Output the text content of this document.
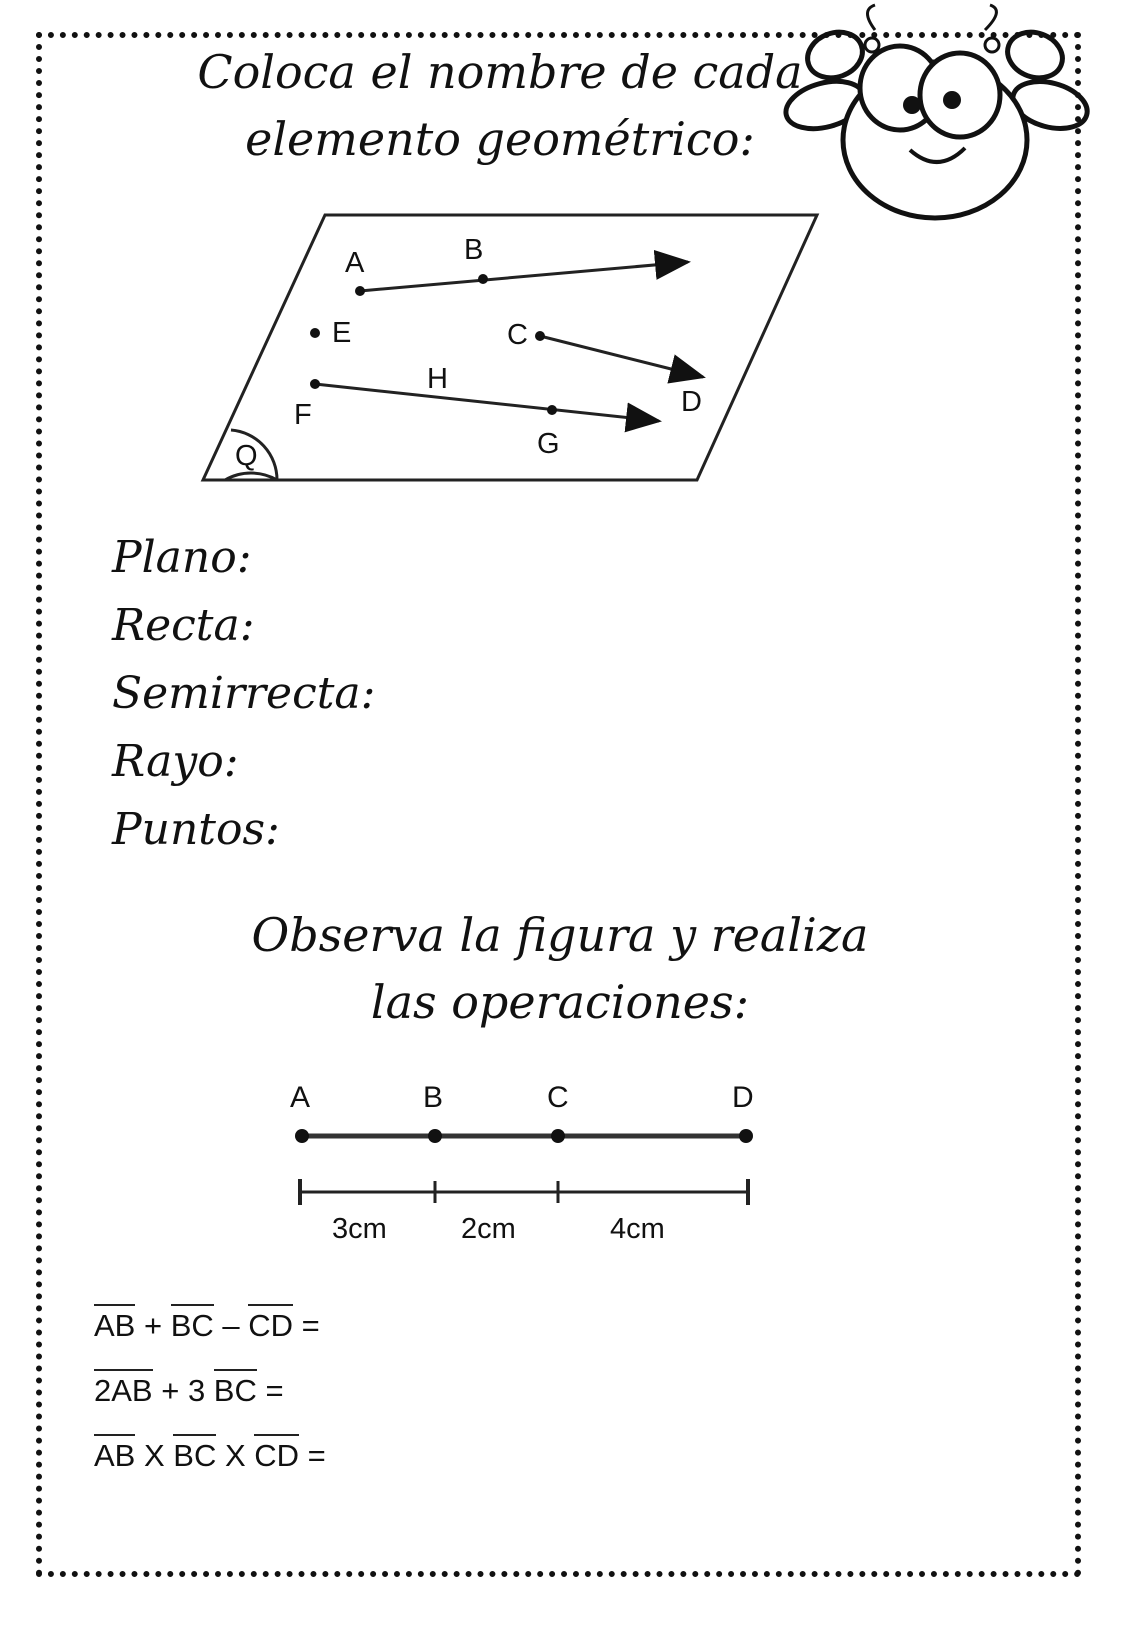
Coloca el nombre de cada
elemento geométrico:
A	B
E	C
H
D
F
G
Q
Plano:
Recta:
Semirrecta:
Rayo:
Puntos:
Observa la figura y realiza
las operaciones:
A	B	C	D
3cm	2cm	4cm
AB + BC – CD =
2AB + 3 BC =
AB X BC X CD =
